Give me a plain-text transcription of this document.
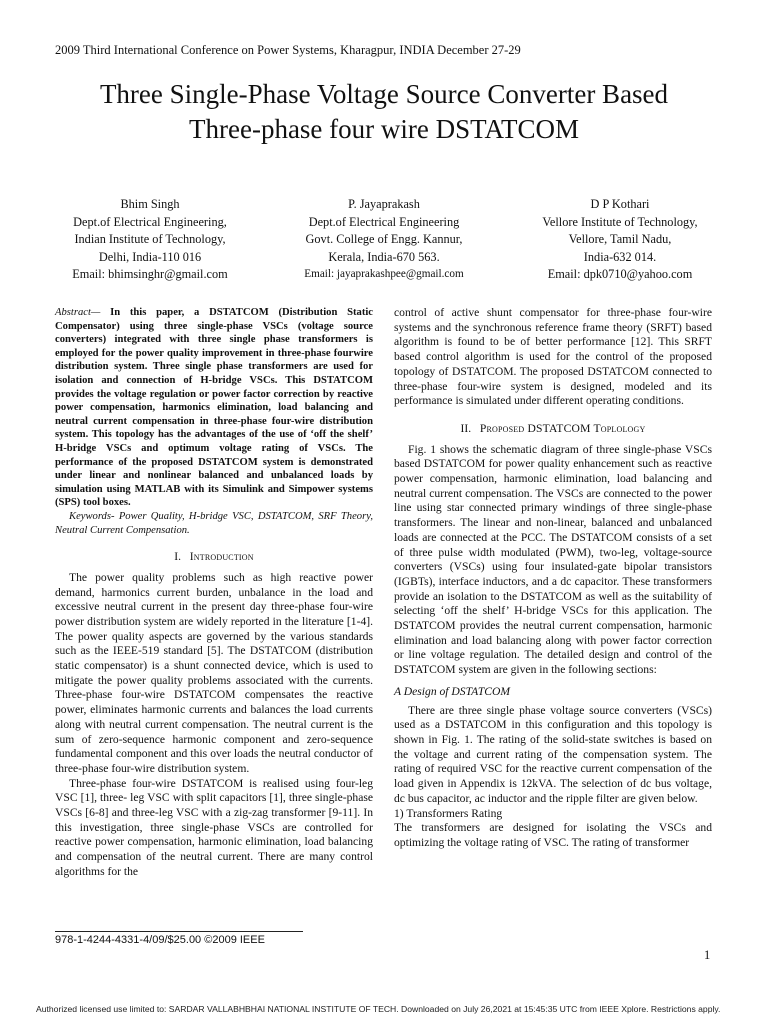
2009 Third International Conference on Power Systems, Kharagpur, INDIA December 27-29
Three Single-Phase Voltage Source Converter Based
Three-phase four wire DSTATCOM
Bhim Singh
Dept.of Electrical Engineering,
Indian Institute of Technology,
Delhi, India-110 016
Email: bhimsinghr@gmail.com
P. Jayaprakash
Dept.of Electrical Engineering
Govt. College of Engg. Kannur,
Kerala, India-670 563.
Email: jayaprakashpee@gmail.com
D P Kothari
Vellore Institute of Technology,
Vellore, Tamil Nadu,
India-632 014.
Email: dpk0710@yahoo.com

Abstract— In this paper, a DSTATCOM (Distribution Static Compensator) using three single-phase VSCs (voltage source converters) integrated with three single phase transformers is employed for the power quality improvement in three-phase fourwire distribution system. Three single phase transformers are used for isolation and connection of H-bridge VSCs. This DSTATCOM provides the voltage regulation or power factor correction by reactive power compensation, harmonics elimination, load balancing and neutral current compensation in three-phase four-wire distribution system. This topology has the advantages of the use of ‘off the shelf’ H-bridge VSCs and optimum voltage rating of VSCs. The performance of the proposed DSTATCOM system is demonstrated under linear and nonlinear balanced and unbalanced loads by simulation using MATLAB with its Simulink and Simpower systems (SPS) tool boxes.

Keywords- Power Quality, H-bridge VSC, DSTATCOM, SRF Theory, Neutral Current Compensation.

I. Introduction

The power quality problems such as high reactive power demand, harmonics current burden, unbalance in the load and excessive neutral current in the present day three-phase four-wire power distribution system are widely reported in the literature [1-4]. The power quality aspects are governed by the various standards such as the IEEE-519 standard [5]. The DSTATCOM (distribution static compensator) is a shunt connected device, which is used to mitigate the power quality problems associated with the currents. Three-phase four-wire DSTATCOM compensates the reactive power, eliminates harmonic currents and balances the load currents along with neutral current compensation. The neutral current is the sum of zero-sequence harmonic component and zero-sequence fundamental component and this over loads the neutral conductor of three-phase four-wire distribution system.

Three-phase four-wire DSTATCOM is realised using four-leg VSC [1], three- leg VSC with split capacitors [1], three single-phase VSCs [6-8] and three-leg VSC with a zig-zag transformer [9-11]. In this investigation, three single-phase VSCs are controlled for reactive power compensation, harmonic elimination, load balancing and compensation of the neutral current. There are many control algorithms for the

control of active shunt compensator for three-phase four-wire systems and the synchronous reference frame theory (SRFT) based algorithm is found to be of better performance [12]. This SRFT based control algorithm is used for the control of the proposed topology of DSTATCOM. The proposed DSTATCOM connected to three-phase four-wire system is designed, modeled and its performance is simulated under different operating conditions.

II. Proposed DSTATCOM Toplology

Fig. 1 shows the schematic diagram of three single-phase VSCs based DSTATCOM for power quality enhancement such as reactive power compensation, harmonic elimination, load balancing and neutral current compensation. The VSCs are connected to the power line using star connected primary windings of three single-phase transformers. The linear and non-linear, balanced and unbalanced loads are connected at the PCC. The DSTATCOM consists of a set of three pulse width modulated (PWM), two-leg, voltage-source converters (VSCs) using four insulated-gate bipolar transistors (IGBTs), interface inductors, and a dc capacitor. These transformers provide an isolation to the DSTATCOM as well as the suitability of selecting ‘off the shelf’ H-bridge VSCs for this application. The DSTATCOM provides the neutral current compensation, harmonic elimination and load balancing along with power factor correction or line voltage regulation. The detailed design and control of the DSTATCOM system are given in the following sections:

A Design of DSTATCOM

There are three single phase voltage source converters (VSCs) used as a DSTATCOM in this configuration and this topology is shown in Fig. 1. The rating of the solid-state switches is based on the voltage and current rating of the compensation system. The rating of required VSC for the reactive current compensation of the load given in Appendix is 12kVA. The selection of dc bus voltage, dc bus capacitor, ac inductor and the ripple filter are given below.

1) Transformers Rating

The transformers are designed for isolating the VSCs and optimizing the voltage rating of VSC. The rating of transformer

978-1-4244-4331-4/09/$25.00 ©2009 IEEE
1
Authorized licensed use limited to: SARDAR VALLABHBHAI NATIONAL INSTITUTE OF TECH. Downloaded on July 26,2021 at 15:45:35 UTC from IEEE Xplore. Restrictions apply.
